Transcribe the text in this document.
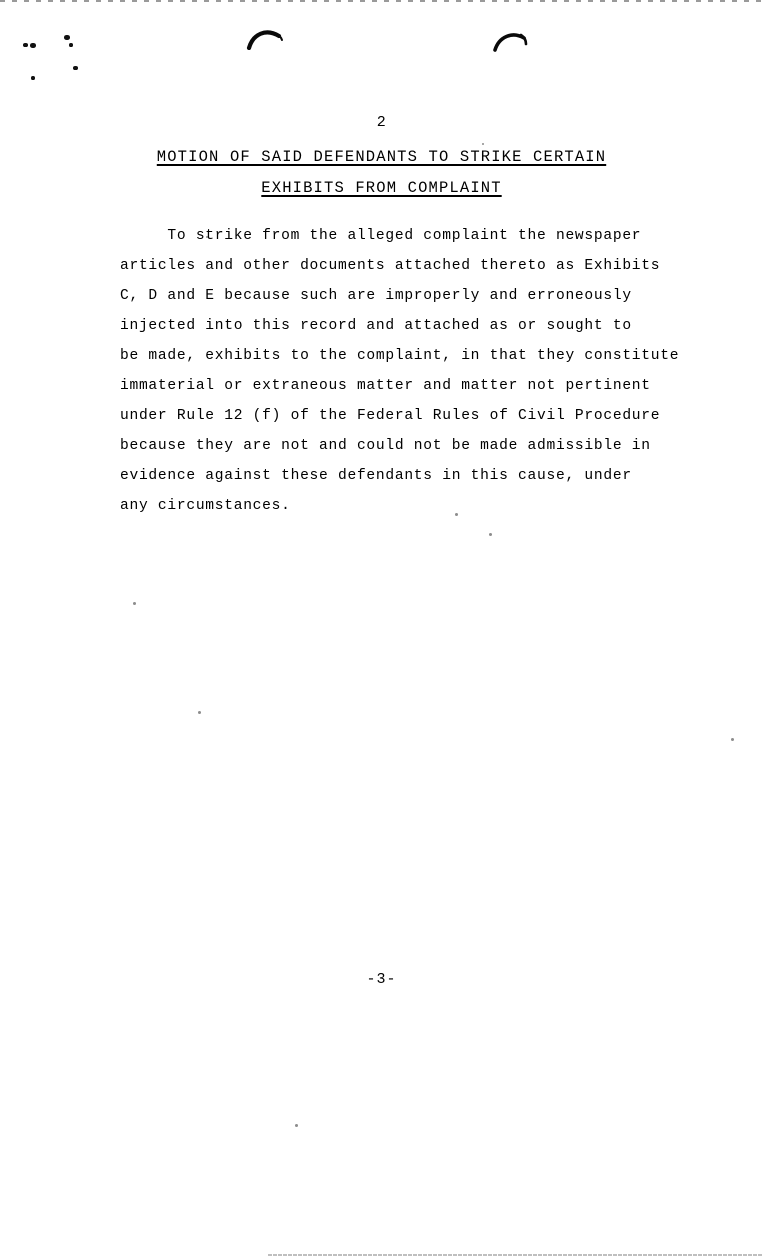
2
MOTION OF SAID DEFENDANTS TO STRIKE CERTAIN
EXHIBITS FROM COMPLAINT
To strike from the alleged complaint the newspaper
articles and other documents attached thereto as Exhibits
C, D and E because such are improperly and erroneously
injected into this record and attached as or sought to
be made, exhibits to the complaint, in that they constitute
immaterial or extraneous matter and matter not pertinent
under Rule 12 (f) of the Federal Rules of Civil Procedure
because they are not and could not be made admissible in
evidence against these defendants in this cause, under
any circumstances.
-3-
